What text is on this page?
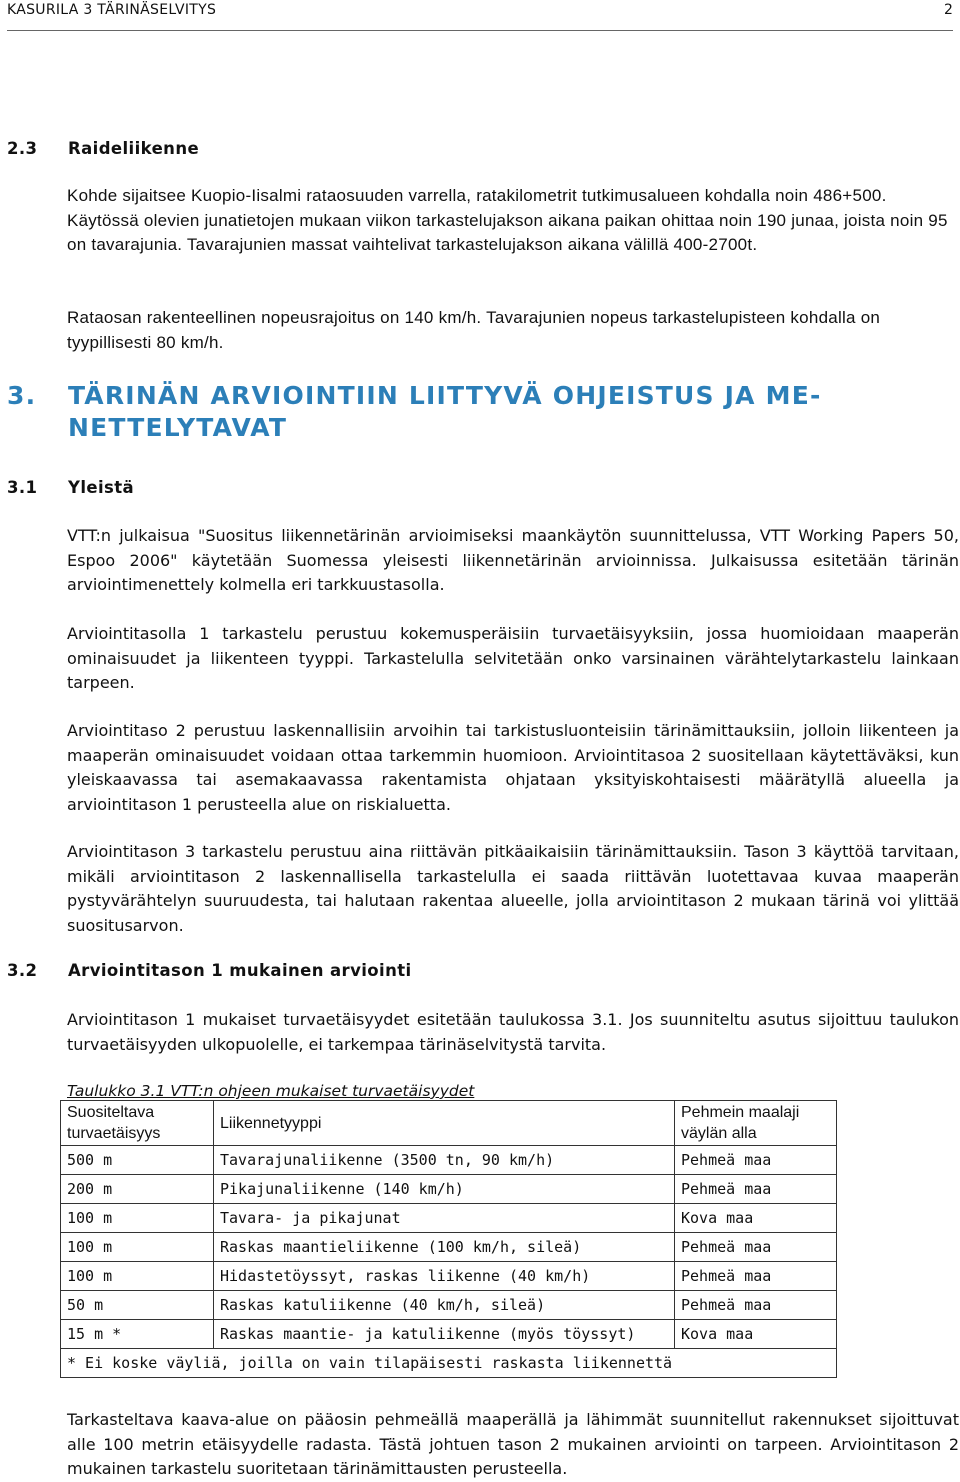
KASURILA 3 TÄRINÄSELVITYS	2
2.3 Raideliikenne
Kohde sijaitsee Kuopio-Iisalmi rataosuuden varrella, ratakilometrit tutkimusalueen kohdalla noin 486+500. Käytössä olevien junatietojen mukaan viikon tarkastelujakson aikana paikan ohittaa noin 190 junaa, joista noin 95 on tavarajunia. Tavarajunien massat vaihtelivat tarkastelujakson aikana välillä 400-2700t.
Rataosan rakenteellinen nopeusrajoitus on 140 km/h. Tavarajunien nopeus tarkastelupisteen kohdalla on tyypillisesti 80 km/h.
3. TÄRINÄN ARVIOINTIIN LIITTYVÄ OHJEISTUS JA ME-NETTELYTAVAT
3.1 Yleistä
VTT:n julkaisua "Suositus liikennetärinän arvioimiseksi maankäytön suunnittelussa, VTT Working Papers 50, Espoo 2006" käytetään Suomessa yleisesti liikennetärinän arvioinnissa. Julkaisussa esitetään tärinän arviointimenettely kolmella eri tarkkuustasolla.
Arviointitasolla 1 tarkastelu perustuu kokemusperäisiin turvaetäisyyksiin, jossa huomioidaan maaperän ominaisuudet ja liikenteen tyyppi. Tarkastelulla selvitetään onko varsinainen värähtelytarkastelu lainkaan tarpeen.
Arviointitaso 2 perustuu laskennallisiin arvoihin tai tarkistusluonteisiin tärinämittauksiin, jolloin liikenteen ja maaperän ominaisuudet voidaan ottaa tarkemmin huomioon. Arviointitasoa 2 suositellaan käytettäväksi, kun yleiskaavassa tai asemakaavassa rakentamista ohjataan yksityiskohtaisesti määrätyllä alueella ja arviointitason 1 perusteella alue on riskialuetta.
Arviointitason 3 tarkastelu perustuu aina riittävän pitkäaikaisiin tärinämittauksiin. Tason 3 käyttöä tarvitaan, mikäli arviointitason 2 laskennallisella tarkastelulla ei saada riittävän luotettavaa kuvaa maaperän pystyvärähtelyn suuruudesta, tai halutaan rakentaa alueelle, jolla arviointitason 2 mukaan tärinä voi ylittää suositusarvon.
3.2 Arviointitason 1 mukainen arviointi
Arviointitason 1 mukaiset turvaetäisyydet esitetään taulukossa 3.1. Jos suunniteltu asutus sijoittuu taulukon turvaetäisyyden ulkopuolelle, ei tarkempaa tärinäselvitystä tarvita.
Taulukko 3.1 VTT:n ohjeen mukaiset turvaetäisyydet
Suositeltava turvaetäisyys	Liikennetyyppi	Pehmein maalaji väylän alla
500 m	Tavarajunaliikenne (3500 tn, 90 km/h)	Pehmeä maa
200 m	Pikajunaliikenne (140 km/h)	Pehmeä maa
100 m	Tavara- ja pikajunat	Kova maa
100 m	Raskas maantieliikenne (100 km/h, sileä)	Pehmeä maa
100 m	Hidastetöyssyt, raskas liikenne (40 km/h)	Pehmeä maa
50 m	Raskas katuliikenne (40 km/h, sileä)	Pehmeä maa
15 m *	Raskas maantie- ja katuliikenne (myös töyssyt)	Kova maa
* Ei koske väyliä, joilla on vain tilapäisesti raskasta liikennettä		
Tarkasteltava kaava-alue on pääosin pehmeällä maaperällä ja lähimmät suunnitellut rakennukset sijoittuvat alle 100 metrin etäisyydelle radasta. Tästä johtuen tason 2 mukainen arviointi on tarpeen. Arviointitason 2 mukainen tarkastelu suoritetaan tärinämittausten perusteella.
